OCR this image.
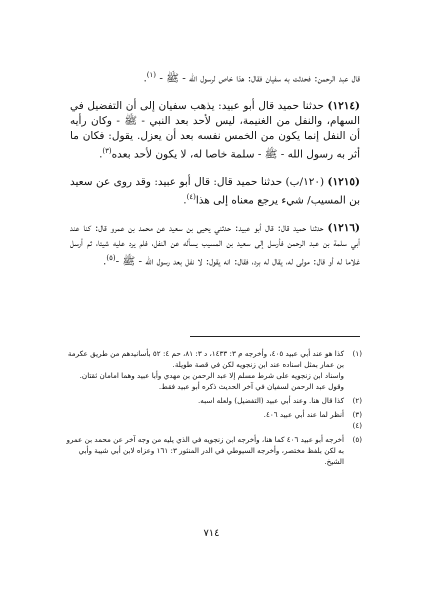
قال عبد الرحمن: فحدثت به سفيان فقال: هذا خاص لرسول الله - ﷺ - $^{(١)}$.

(١٢١٤) حدثنا حميد قال أبو عبيد: يذهب سفيان إلى أن التفضيل في السهام، والنفل من الغنيمة، ليس لأحد بعد النبي - ﷺ - وكان رأيه أن النفل إنما يكون من الخمس نفسه بعد أن يعزل. يقول: فكان ما أثر به رسول الله - ﷺ - سلمة خاصا له، لا يكون لأحد بعده$^{(٣)}$.

(١٢١٥) (١٢٠/ب) حدثنا حميد قال: قال أبو عبيد: وقد روى عن سعيد بن المسيب/ شيء يرجع معناه إلى هذا$^{(٤)}$.

(١٢١٦) حدثنا حميد قال: قال أبو عبيد: حدثني يحيى بن سعيد عن محمد بن عمرو قال: كنا عند أبي سلمة بن عبد الرحمن فأرسل إلى سعيد بن المسيب يسأله عن النفل، فلم يرد عليه شيئا، ثم أرسل غلاما له أو قال: مولى له، يقال له برد، فقال: انه يقول: لا نفل بعد رسول الله - ﷺ -$^{(٥)}$.

(١)
كذا هو عند أبي عبيد ٤٠٥، وأخرجه م ٣: ١٤٣٣، د ٣: ٨١، حم ٤: ٥٢ بأسانيدهم من طريق عكرمة بن عمار بمثل اسناده عند ابن زنجويه لكن في قصة طويلة.
واسناد ابن زنجويه على شرط مسلم إلا عبد الرحمن بن مهدي وأبا عبيد وهما امامان ثقتان.
وقول عبد الرحمن لسفيان في آخر الحديث ذكره أبو عبيد فقط.
(٢)
كذا قال هنا. وعند أبي عبيد (التفضيل) ولعله اسبه.
(٣)(٤)
أنظر لما عند أبي عبيد ٤٠٦.
(٥)
أخرجه أبو عبيد ٤٠٦ كما هنا، وأخرجه ابن زنجويه في الذي يليه من وجه آخر عن محمد بن عمرو به لكن بلفظ مختصر، وأخرجه السيوطي في الدر المنثور ٣: ١٦١ وعزاه لابن أبي شيبة وأبي الشيخ.
٧١٤
